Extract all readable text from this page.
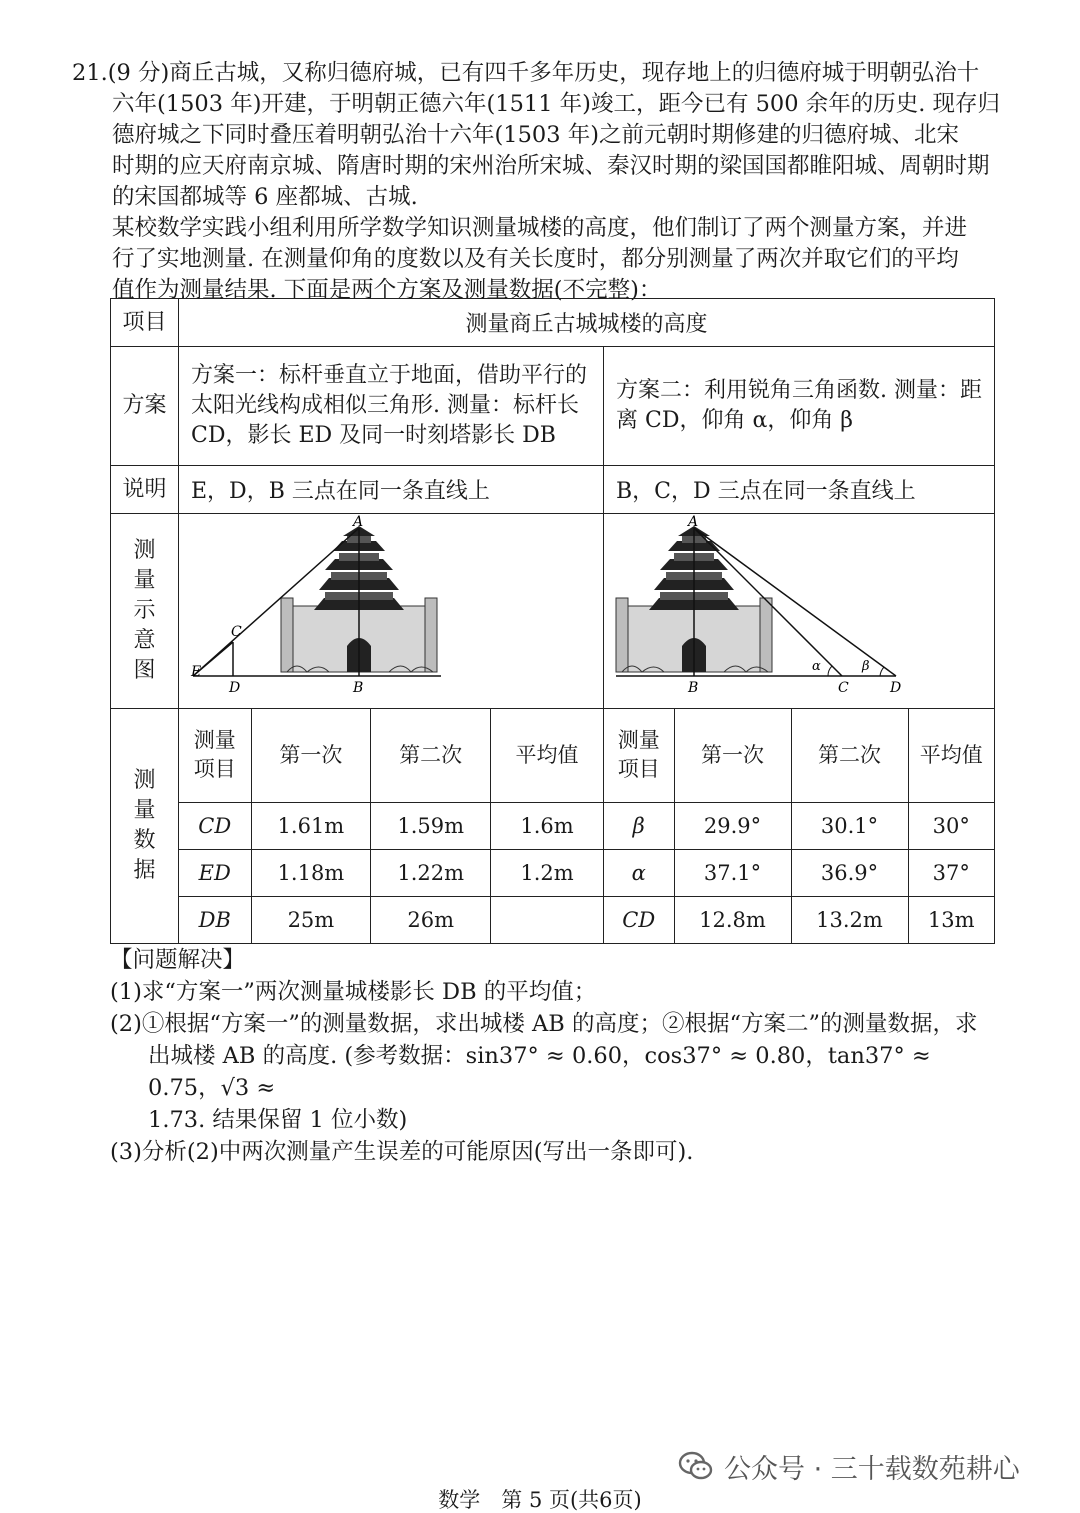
21.(9 分)商丘古城，又称归德府城，已有四千多年历史，现存地上的归德府城于明朝弘治十

六年(1503 年)开建，于明朝正德六年(1511 年)竣工，距今已有 500 余年的历史. 现存归

德府城之下同时叠压着明朝弘治十六年(1503 年)之前元朝时期修建的归德府城、北宋

时期的应天府南京城、隋唐时期的宋州治所宋城、秦汉时期的梁国国都睢阳城、周朝时期

的宋国都城等 6 座都城、古城.

某校数学实践小组利用所学数学知识测量城楼的高度，他们制订了两个测量方案，并进

行了实地测量. 在测量仰角的度数以及有关长度时，都分别测量了两次并取它们的平均

值作为测量结果. 下面是两个方案及测量数据(不完整)：

项目	测量商丘古城城楼的高度
方案	方案一：标杆垂直立于地面，借助平行的太阳光线构成相似三角形. 测量：标杆长 CD，影长 ED 及同一时刻塔影长 DB	方案二：利用锐角三角函数. 测量：距离 CD，仰角 α，仰角 β
说明	E，D，B 三点在同一条直线上	B，C，D 三点在同一条直线上
测量示意图	
A
C
E
D	B

A
B	C	D
α	β

测量数据	
测量项目	第一次	第二次	平均值
CD	1.61m	1.59m	1.6m
ED	1.18m	1.22m	1.2m
DB	25m	26m	

测量项目	第一次	第二次	平均值
β	29.9°	30.1°	30°
α	37.1°	36.9°	37°
CD	12.8m	13.2m	13m

【问题解决】

(1)求“方案一”两次测量城楼影长 DB 的平均值；

(2)①根据“方案一”的测量数据，求出城楼 AB 的高度；②根据“方案二”的测量数据，求

出城楼 AB 的高度. (参考数据：sin37° ≈ 0.60，cos37° ≈ 0.80，tan37° ≈ 0.75，√3 ≈

1.73. 结果保留 1 位小数)

(3)分析(2)中两次测量产生误差的可能原因(写出一条即可).

公众号 · 三十载数苑耕心
数学　第 5 页(共6页)
